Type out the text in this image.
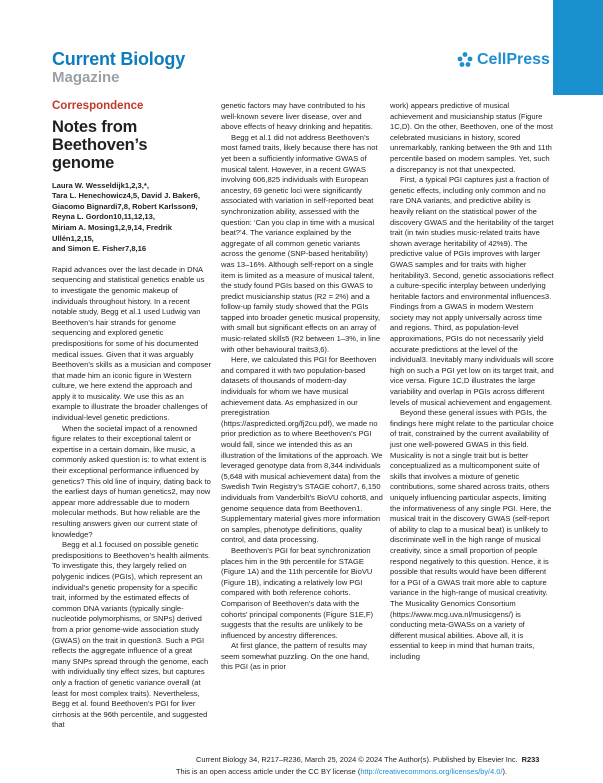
Current Biology
Magazine
CellPress
Correspondence
Notes from
Beethoven’s genome
Laura W. Wesseldijk1,2,3,*,
Tara L. Henechowicz4,5, David J. Baker6,
Giacomo Bignardi7,8, Robert Karlsson9,
Reyna L. Gordon10,11,12,13,
Miriam A. Mosing1,2,9,14, Fredrik Ullén1,2,15,
and Simon E. Fisher7,8,16

Rapid advances over the last decade in DNA sequencing and statistical genetics enable us to investigate the genomic makeup of individuals throughout history. In a recent notable study, Begg et al.1 used Ludwig van Beethoven’s hair strands for genome sequencing and explored genetic predispositions for some of his documented medical issues. Given that it was arguably Beethoven’s skills as a musician and composer that made him an iconic figure in Western culture, we here extend the approach and apply it to musicality. We use this as an example to illustrate the broader challenges of individual-level genetic predictions.

When the societal impact of a renowned figure relates to their exceptional talent or expertise in a certain domain, like music, a commonly asked question is: to what extent is their exceptional performance influenced by genetics? This old line of inquiry, dating back to the earliest days of human genetics2, may now appear more addressable due to modern molecular methods. But how reliable are the resulting answers given our current state of knowledge?

Begg et al.1 focused on possible genetic predispositions to Beethoven’s health ailments. To investigate this, they largely relied on polygenic indices (PGIs), which represent an individual’s genetic propensity for a specific trait, informed by the estimated effects of common DNA variants (typically single-nucleotide polymorphisms, or SNPs) derived from a prior genome-wide association study (GWAS) on the trait in question3. Such a PGI reflects the aggregate influence of a great many SNPs spread through the genome, each with individually tiny effect sizes, but captures only a fraction of genetic variance overall (at least for most complex traits). Nevertheless, Begg et al. found Beethoven’s PGI for liver cirrhosis at the 96th percentile, and suggested that

genetic factors may have contributed to his well-known severe liver disease, over and above effects of heavy drinking and hepatitis.

Begg et al.1 did not address Beethoven’s most famed traits, likely because there has not yet been a sufficiently informative GWAS of musical talent. However, in a recent GWAS involving 606,825 individuals with European ancestry, 69 genetic loci were significantly associated with variation in self-reported beat synchronization ability, assessed with the question: ‘Can you clap in time with a musical beat?’4. The variance explained by the aggregate of all common genetic variants across the genome (SNP-based heritability) was 13–16%. Although self-report on a single item is limited as a measure of musical talent, the study found PGIs based on this GWAS to predict musicianship status (R2 = 2%) and a follow-up family study showed that the PGIs tapped into broader genetic musical propensity, with small but significant effects on an array of music-related skills5 (R2 between 1–3%, in line with other behavioural traits3,6).

Here, we calculated this PGI for Beethoven and compared it with two population-based datasets of thousands of modern-day individuals for whom we have musical achievement data. As emphasized in our preregistration (https://aspredicted.org/fj2cu.pdf), we made no prior prediction as to where Beethoven’s PGI would fall, since we intended this as an illustration of the limitations of the approach. We leveraged genotype data from 8,344 individuals (5,648 with musical achievement data) from the Swedish Twin Registry’s STAGE cohort7, 6,150 individuals from Vanderbilt’s BioVU cohort8, and genome sequence data from Beethoven1. Supplementary material gives more information on samples, phenotype definitions, quality control, and data processing.

Beethoven’s PGI for beat synchronization places him in the 9th percentile for STAGE (Figure 1A) and the 11th percentile for BioVU (Figure 1B), indicating a relatively low PGI compared with both reference cohorts. Comparison of Beethoven’s data with the cohorts’ principal components (Figure S1E,F) suggests that the results are unlikely to be influenced by ancestry differences.

At first glance, the pattern of results may seem somewhat puzzling. On the one hand, this PGI (as in prior

work) appears predictive of musical achievement and musicianship status (Figure 1C,D). On the other, Beethoven, one of the most celebrated musicians in history, scored unremarkably, ranking between the 9th and 11th percentile based on modern samples. Yet, such a discrepancy is not that unexpected.

First, a typical PGI captures just a fraction of genetic effects, including only common and no rare DNA variants, and predictive ability is heavily reliant on the statistical power of the discovery GWAS and the heritability of the target trait (in twin studies music-related traits have shown average heritability of 42%9). The predictive value of PGIs improves with larger GWAS samples and for traits with higher heritability3. Second, genetic associations reflect a culture-specific interplay between underlying heritable factors and environmental influences3. Findings from a GWAS in modern Western society may not apply universally across time and regions. Third, as population-level approximations, PGIs do not necessarily yield accurate predictions at the level of the individual3. Inevitably many individuals will score high on such a PGI yet low on its target trait, and vice versa. Figure 1C,D illustrates the large variability and overlap in PGIs across different levels of musical achievement and engagement.

Beyond these general issues with PGIs, the findings here might relate to the particular choice of trait, constrained by the current availability of just one well-powered GWAS in this field. Musicality is not a single trait but is better conceptualized as a multicomponent suite of skills that involves a mixture of genetic contributions, some shared across traits, others uniquely influencing particular aspects, limiting the informativeness of any single PGI. Here, the musical trait in the discovery GWAS (self-report of ability to clap to a musical beat) is unlikely to discriminate well in the high range of musical creativity, since a small proportion of people respond negatively to this question. Hence, it is possible that results would have been different for a PGI of a GWAS trait more able to capture variance in the high-range of musical creativity. The Musicality Genomics Consortium (https://www.mcg.uva.nl/musicgens/) is conducting meta-GWASs on a variety of different musical abilities. Above all, it is essential to keep in mind that human traits, including

Current Biology 34, R217–R236, March 25, 2024 © 2024 The Author(s). Published by Elsevier Inc. R233
This is an open access article under the CC BY license (http://creativecommons.org/licenses/by/4.0/).
